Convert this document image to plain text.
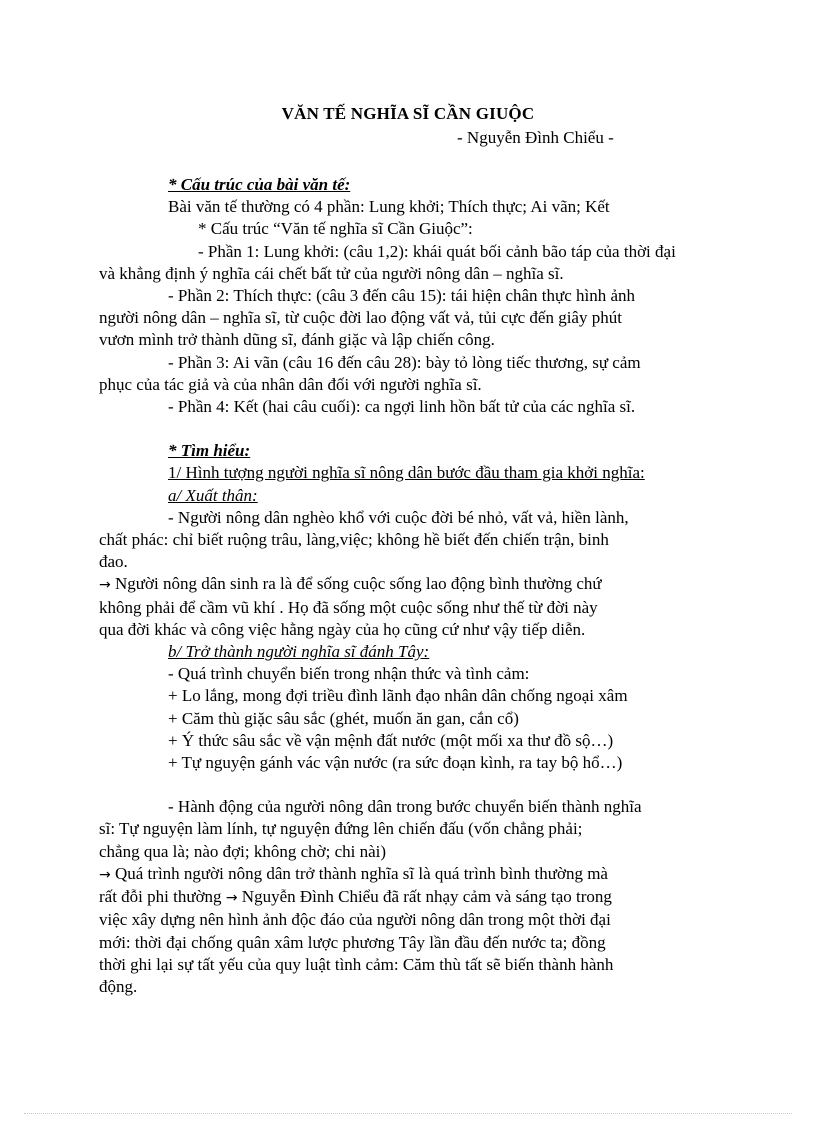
VĂN TẾ NGHĨA SĨ CẦN GIUỘC
- Nguyễn Đình Chiểu -

* Cấu trúc của bài văn tế:

Bài văn tế thường có 4 phần: Lung khởi; Thích thực; Ai vãn; Kết

* Cấu trúc “Văn tế nghĩa sĩ Cần Giuộc”:

- Phần 1: Lung khởi: (câu 1,2): khái quát bối cảnh bão táp của thời đại

và khẳng định ý nghĩa cái chết bất tử của người nông dân – nghĩa sĩ.

- Phần 2: Thích thực: (câu 3 đến câu 15): tái hiện chân thực hình ảnh

người nông dân – nghĩa sĩ, từ cuộc đời lao động vất vả, tủi cực đến giây phút

vươn mình trở thành dũng sĩ, đánh giặc và lập chiến công.

- Phần 3: Ai vãn (câu 16 đến câu 28): bày tỏ lòng tiếc thương, sự cảm

phục của tác giả và của nhân dân đối với người nghĩa sĩ.

- Phần 4: Kết (hai câu cuối): ca ngợi linh hồn bất tử của các nghĩa sĩ.

* Tìm hiểu:

1/ Hình tượng người nghĩa sĩ nông dân bước đầu tham gia khởi nghĩa:

a/ Xuất thân:

- Người nông dân nghèo khổ với cuộc đời bé nhỏ, vất vả, hiền lành,

chất phác: chỉ biết ruộng trâu, làng,việc; không hề biết đến chiến trận, binh

đao.

→ Người nông dân sinh ra là để sống cuộc sống lao động bình thường chứ

không phải để cầm vũ khí . Họ đã sống một cuộc sống như thế từ đời này

qua đời khác và công việc hằng ngày của họ cũng cứ như vậy tiếp diễn.

b/ Trở thành người nghĩa sĩ đánh Tây:

- Quá trình chuyển biến trong nhận thức và tình cảm:

+ Lo lắng, mong đợi triều đình lãnh đạo nhân dân chống ngoại xâm

+ Căm thù giặc sâu sắc (ghét, muốn ăn gan, cắn cổ)

+ Ý thức sâu sắc về vận mệnh đất nước (một mối xa thư đồ sộ…)

+ Tự nguyện gánh vác vận nước (ra sức đoạn kình, ra tay bộ hổ…)

- Hành động của người nông dân trong bước chuyển biến thành nghĩa

sĩ: Tự nguyện làm lính, tự nguyện đứng lên chiến đấu (vốn chẳng phải;

chẳng qua là; nào đợi; không chờ; chi nài)

→ Quá trình người nông dân trở thành nghĩa sĩ là quá trình bình thường mà

rất đỗi phi thường → Nguyễn Đình Chiểu đã rất nhạy cảm và sáng tạo trong

việc xây dựng nên hình ảnh độc đáo của người nông dân trong một thời đại

mới: thời đại chống quân xâm lược phương Tây lần đầu đến nước ta; đồng

thời ghi lại sự tất yếu của quy luật tình cảm: Căm thù tất sẽ biến thành hành

động.
